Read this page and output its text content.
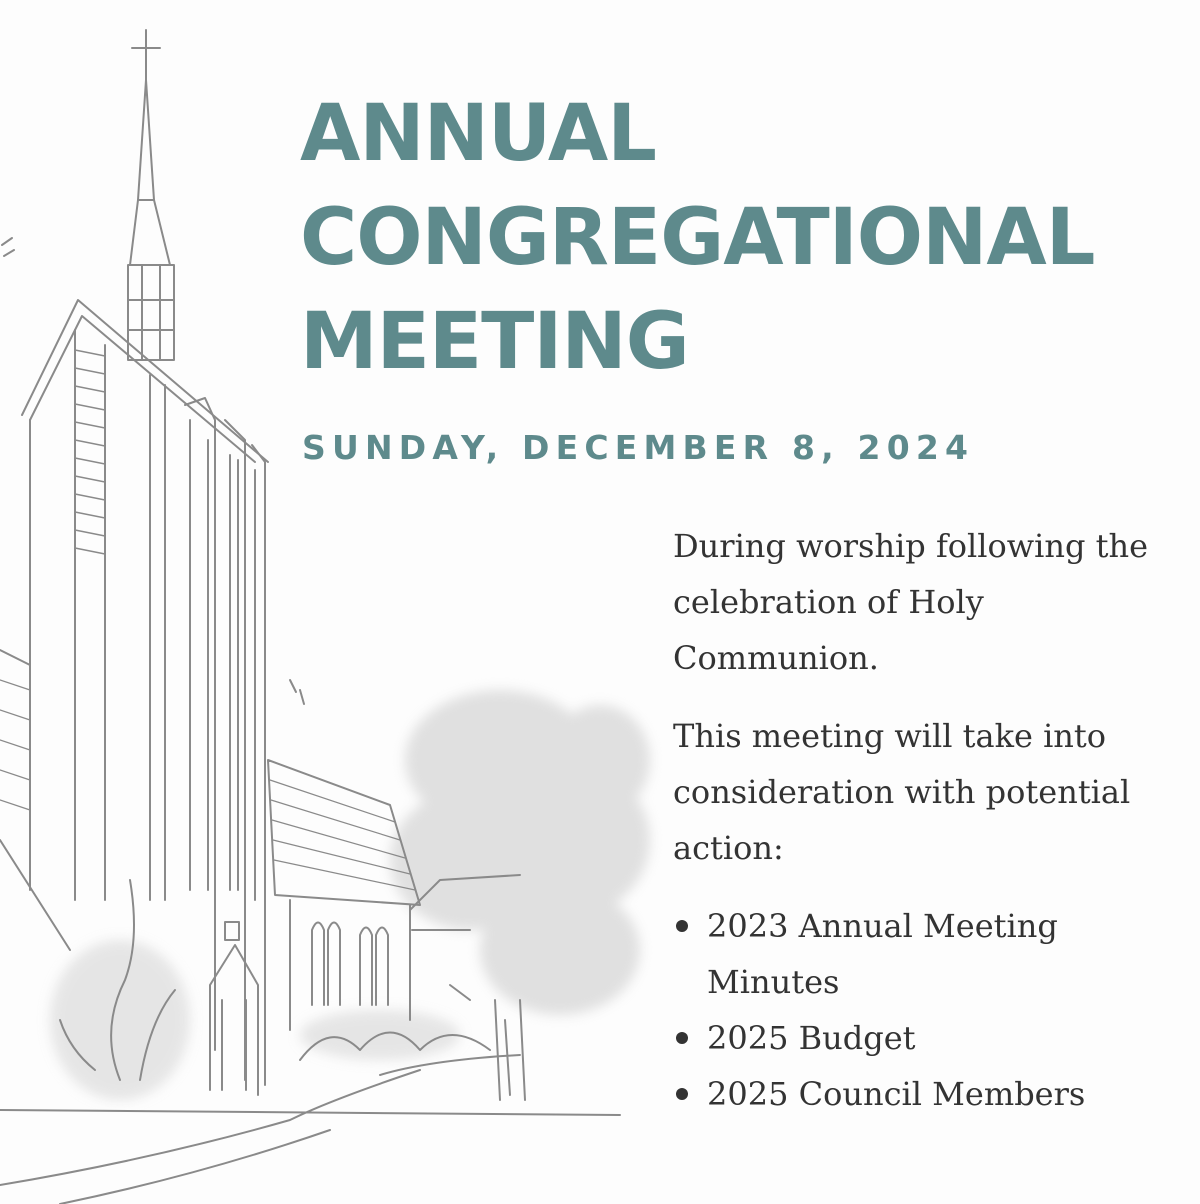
ANNUAL
CONGREGATIONAL
MEETING
SUNDAY, DECEMBER 8, 2024

During worship following the celebration of Holy Communion.

This meeting will take into consideration with potential action:

2023 Annual Meeting Minutes
2025 Budget
2025 Council Members
